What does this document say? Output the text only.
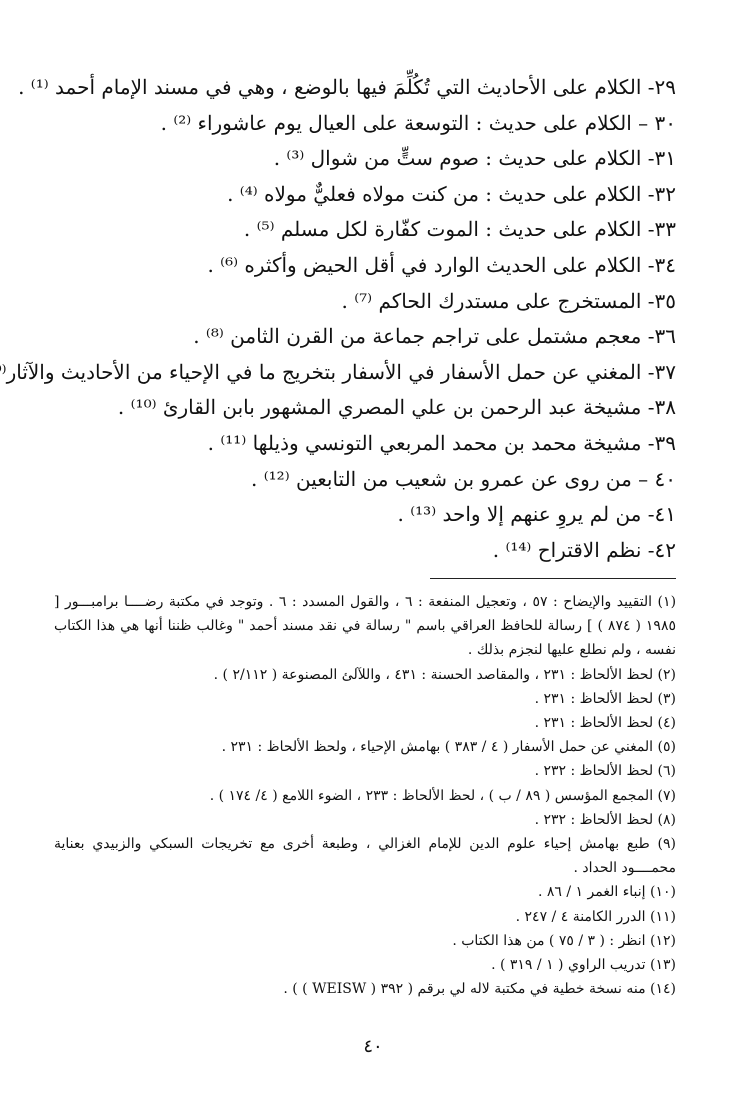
٢٩- الكلام على الأحاديث التي تُكُلِّمَ فيها بالوضع ، وهي في مسند الإمام أحمد ⁽¹⁾ .
٣٠ – الكلام على حديث : التوسعة على العيال يوم عاشوراء ⁽²⁾ .
٣١- الكلام على حديث : صوم ستٍّ من شوال ⁽³⁾ .
٣٢- الكلام على حديث : من كنت مولاه فعليٌّ مولاه ⁽⁴⁾ .
٣٣- الكلام على حديث : الموت كفّارة لكل مسلم ⁽⁵⁾ .
٣٤- الكلام على الحديث الوارد في أقل الحيض وأكثره ⁽⁶⁾ .
٣٥- المستخرج على مستدرك الحاكم ⁽⁷⁾ .
٣٦- معجم مشتمل على تراجم جماعة من القرن الثامن ⁽⁸⁾ .
٣٧- المغني عن حمل الأسفار في الأسفار بتخريج ما في الإحياء من الأحاديث والآثار⁽
٣٨- مشيخة عبد الرحمن بن علي المصري المشهور بابن القارئ ⁽¹⁰⁾ .
٣٩- مشيخة محمد بن محمد المربعي التونسي وذيلها ⁽¹¹⁾ .
٤٠ – من روى عن عمرو بن شعيب من التابعين ⁽¹²⁾ .
٤١- من لم يروِ عنهم إلا واحد ⁽¹³⁾ .
٤٢- نظم الاقتراح ⁽¹⁴⁾ .
(١) التقييد والإيضاح : ٥٧ ، وتعجيل المنفعة : ٦ ، والقول المسدد : ٦ . وتوجد في مكتبة رضــــا برامبـــور [ ١٩٨٥ ( ٨٧٤ ) ] رسالة للحافظ العراقي باسم " رسالة في نقد مسند أحمد " وغالب ظننا أنها هي هذا الكتاب نفسه ، ولم نطلع عليها لنجزم بذلك .
(٢) لحظ الألحاظ : ٢٣١ ، والمقاصد الحسنة : ٤٣١ ، واللآلئ المصنوعة ( ٢/١١٢ ) .
(٣) لحظ الألحاظ : ٢٣١ .
(٤) لحظ الألحاظ : ٢٣١ .
(٥) المغني عن حمل الأسفار ( ٤ / ٣٨٣ ) بهامش الإحياء ، ولحظ الألحاظ : ٢٣١ .
(٦) لحظ الألحاظ : ٢٣٢ .
(٧) المجمع المؤسس ( ٨٩ / ب ) ، لحظ الألحاظ : ٢٣٣ ، الضوء اللامع ( ٤/ ١٧٤ ) .
(٨) لحظ الألحاظ : ٢٣٢ .
(٩) طبع بهامش إحياء علوم الدين للإمام الغزالي ، وطبعة أخرى مع تخريجات السبكي والزبيدي بعناية محمــــود الحداد .
(١٠) إنباء الغمر ١ / ٨٦ .
(١١) الدرر الكامنة ٤ / ٢٤٧ .
(١٢) انظر : ( ٣ / ٧٥ ) من هذا الكتاب .
(١٣) تدريب الراوي ( ١ / ٣١٩ ) .
(١٤) منه نسخة خطية في مكتبة لاله لي برقم ( ٣٩٢ ( WEISW ) ) .
٤٠
